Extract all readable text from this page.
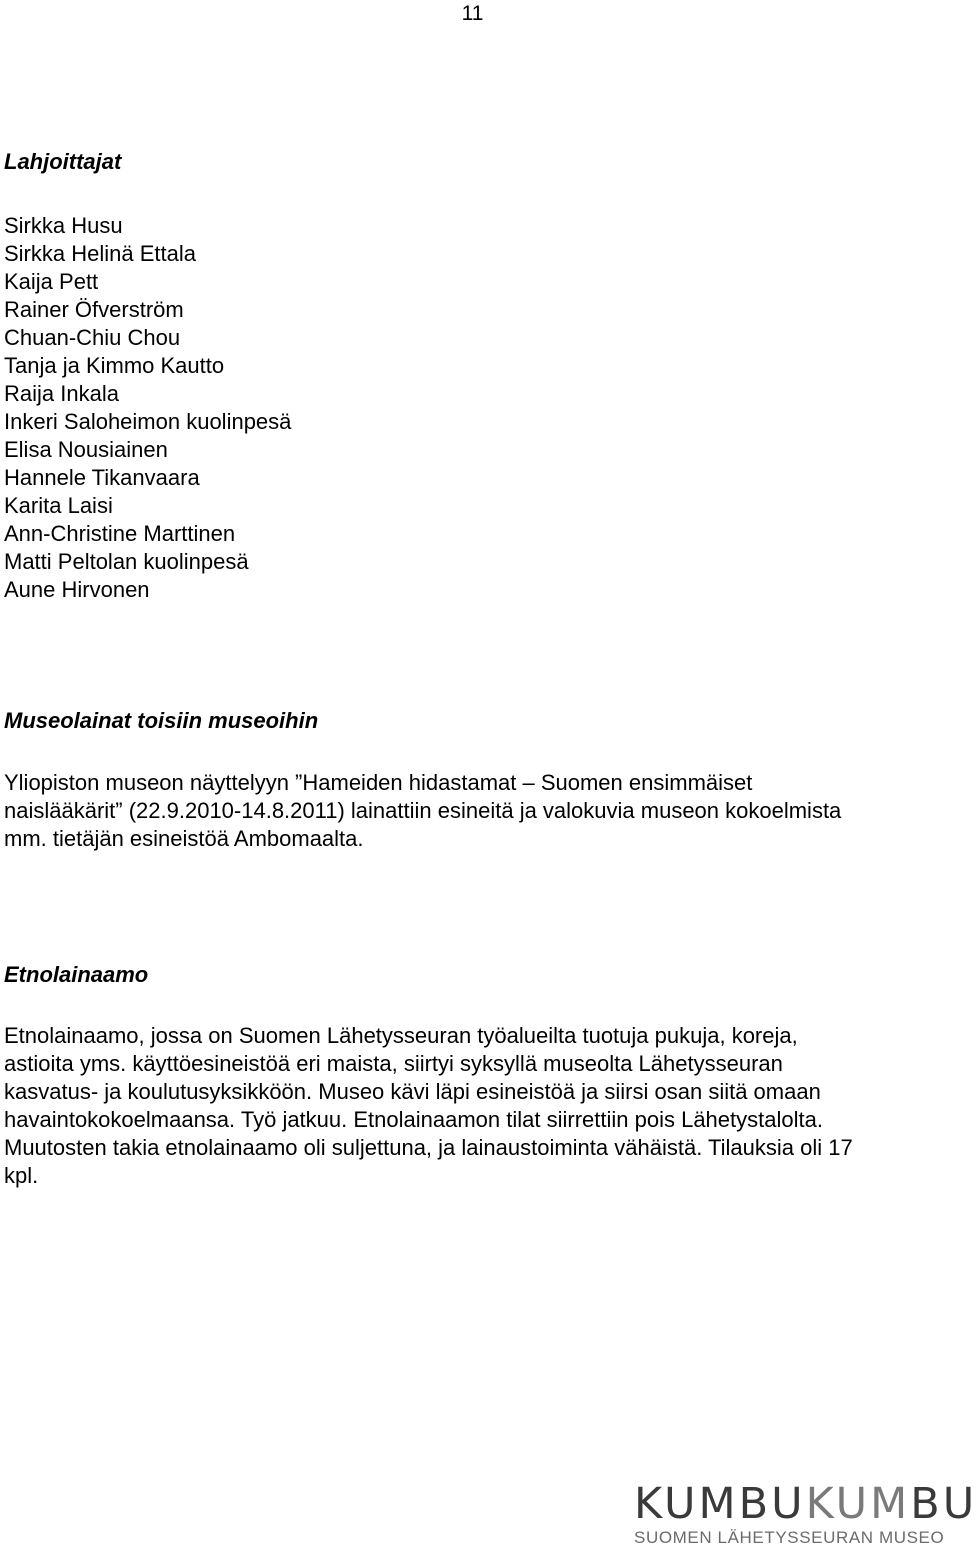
11
Lahjoittajat
Sirkka Husu
Sirkka Helinä Ettala
Kaija Pett
Rainer Öfverström
Chuan-Chiu Chou
Tanja ja Kimmo Kautto
Raija Inkala
Inkeri Saloheimon kuolinpesä
Elisa Nousiainen
Hannele Tikanvaara
Karita Laisi
Ann-Christine Marttinen
Matti Peltolan kuolinpesä
Aune Hirvonen
Museolainat toisiin museoihin
Yliopiston museon näyttelyyn ”Hameiden hidastamat – Suomen ensimmäiset
naislääkärit” (22.9.2010-14.8.2011) lainattiin esineitä ja valokuvia museon kokoelmista
mm. tietäjän esineistöä Ambomaalta.
Etnolainaamo
Etnolainaamo, jossa on Suomen Lähetysseuran työalueilta tuotuja pukuja, koreja,
astioita yms. käyttöesineistöä eri maista, siirtyi syksyllä museolta Lähetysseuran
kasvatus- ja koulutusyksikköön. Museo kävi läpi esineistöä ja siirsi osan siitä omaan
havaintokokoelmaansa. Työ jatkuu. Etnolainaamon tilat siirrettiin pois Lähetystalolta.
Muutosten takia etnolainaamo oli suljettuna, ja lainaustoiminta vähäistä. Tilauksia oli 17
kpl.
KUMBUKUMBU
SUOMEN LÄHETYSSEURAN MUSEO
